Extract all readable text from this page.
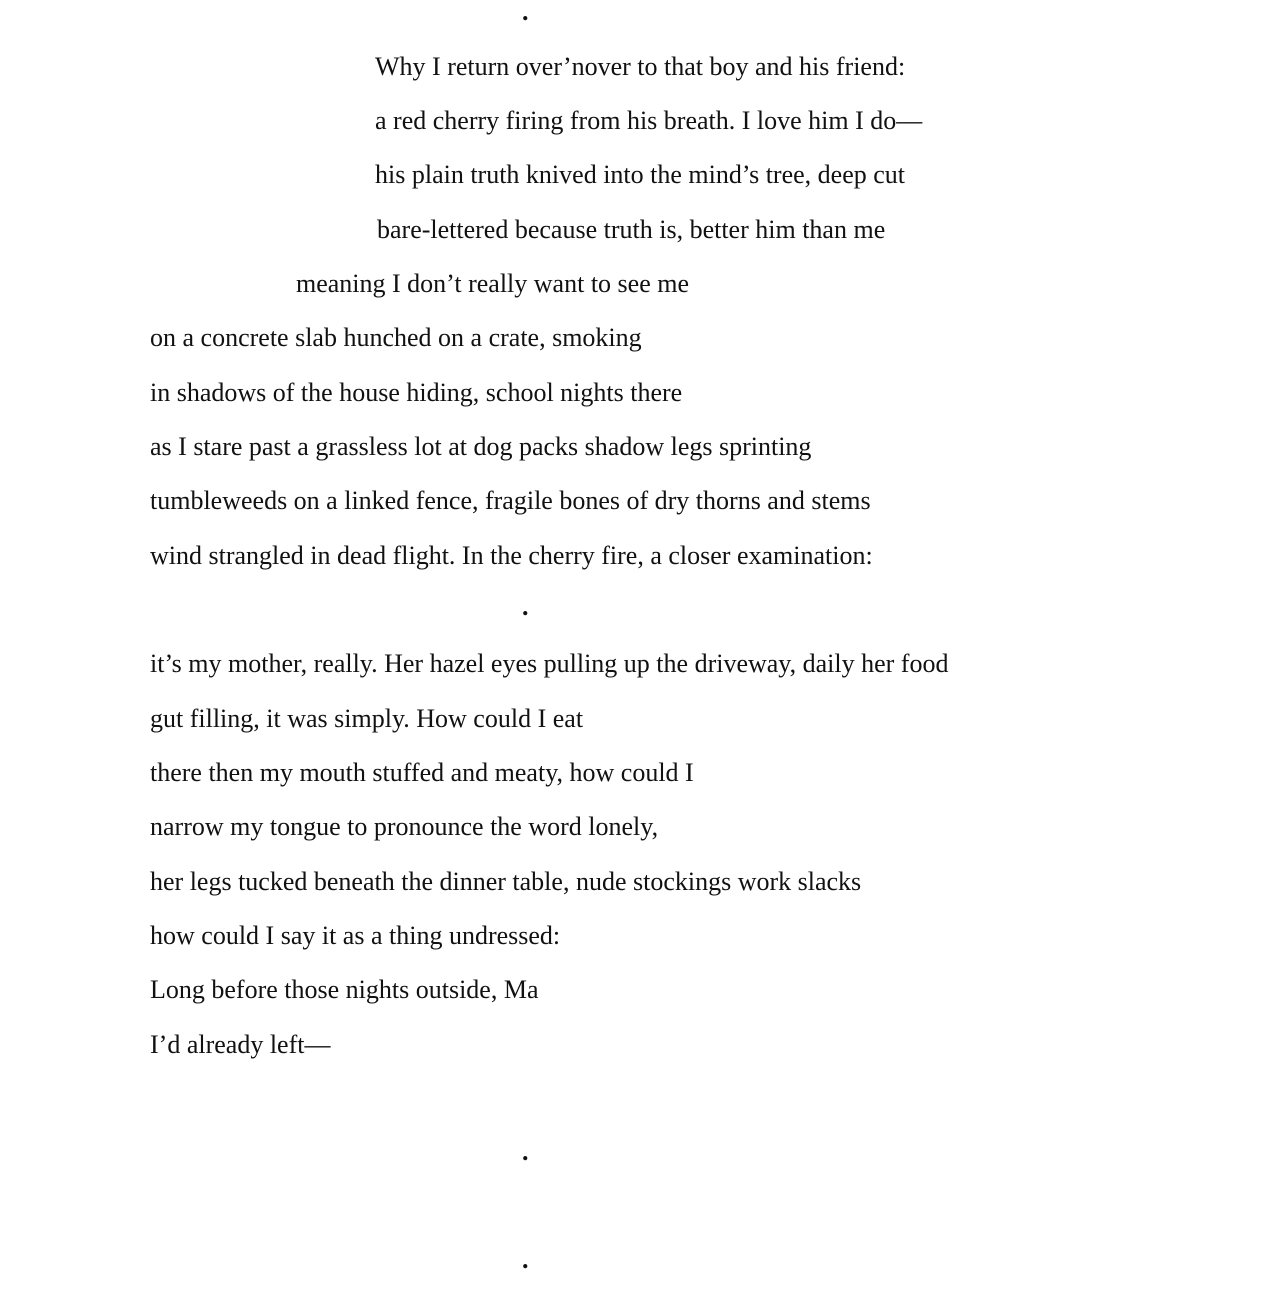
.
Why I return over’nover to that boy and his friend:
a red cherry firing from his breath. I love him I do—
his plain truth knived into the mind’s tree, deep cut
bare-lettered because truth is, better him than me
meaning I don’t really want to see me
on a concrete slab hunched on a crate, smoking
in shadows of the house hiding, school nights there
as I stare past a grassless lot at dog packs shadow legs sprinting
tumbleweeds on a linked fence, fragile bones of dry thorns and stems
wind strangled in dead flight. In the cherry fire, a closer examination:
.
it’s my mother, really. Her hazel eyes pulling up the driveway, daily her food
gut filling, it was simply. How could I eat
there then my mouth stuffed and meaty, how could I
narrow my tongue to pronounce the word lonely,
her legs tucked beneath the dinner table, nude stockings work slacks
how could I say it as a thing undressed:
Long before those nights outside, Ma
I’d already left—
.
.
